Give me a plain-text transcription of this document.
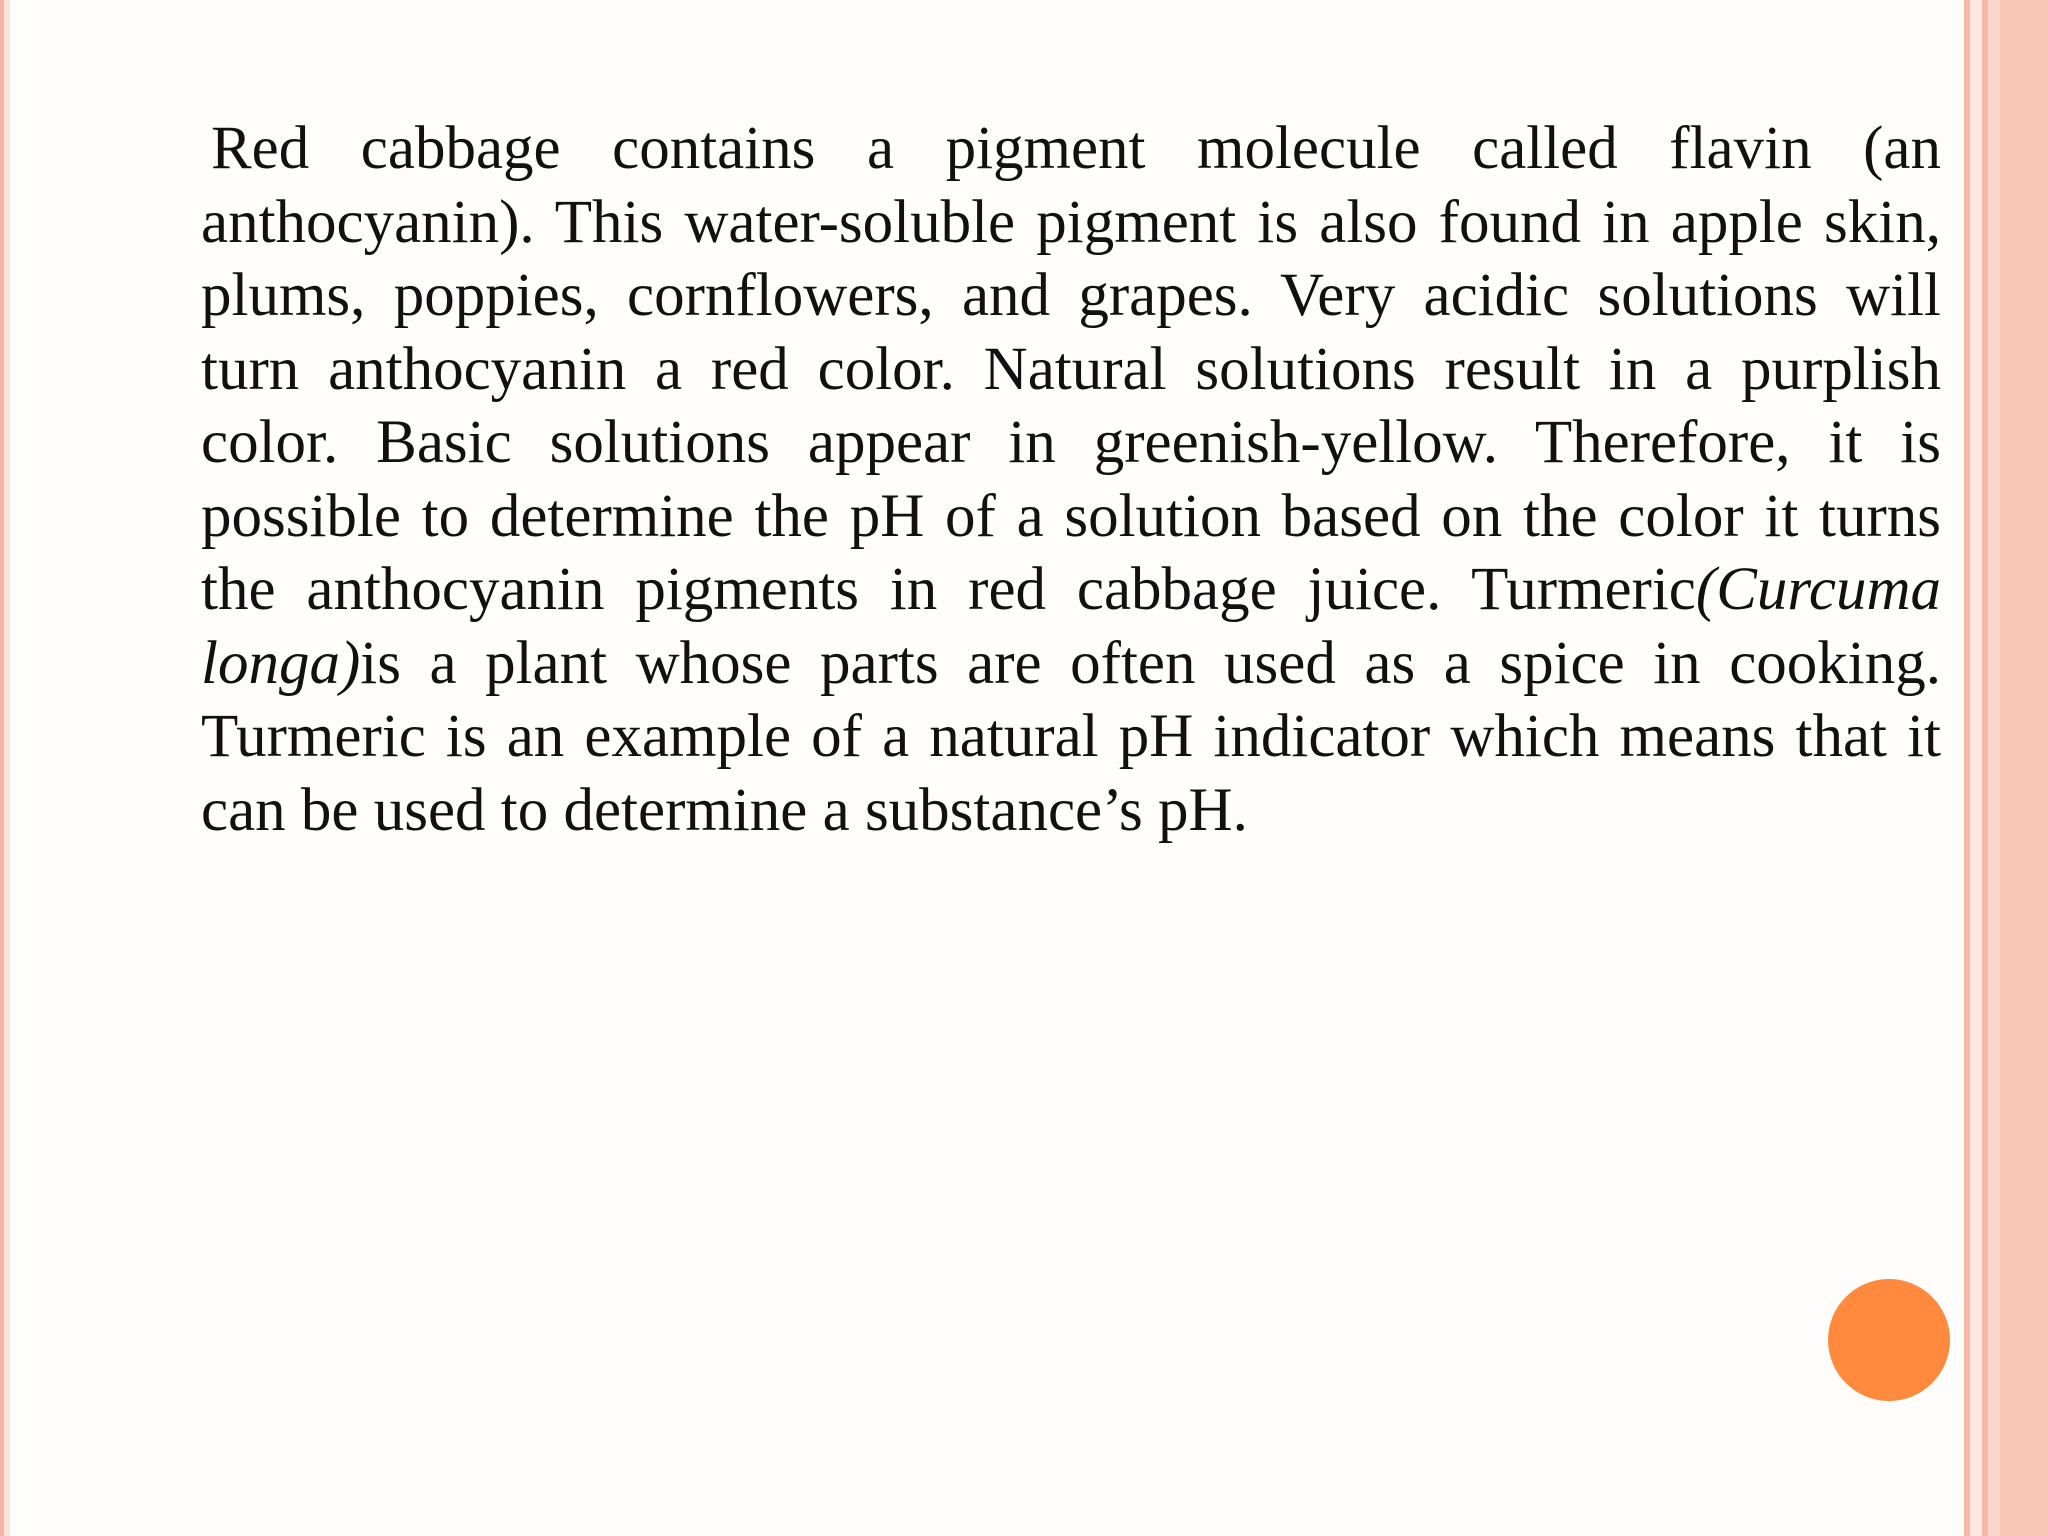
Red cabbage contains a pigment molecule called flavin (an anthocyanin). This water-soluble pigment is also found in apple skin, plums, poppies, cornflowers, and grapes. Very acidic solutions will turn anthocyanin a red color. Natural solutions result in a purplish color. Basic solutions appear in greenish-yellow. Therefore, it is possible to determine the pH of a solution based on the color it turns the anthocyanin pigments in red cabbage juice. Turmeric(Curcuma longa)is a plant whose parts are often used as a spice in cooking. Turmeric is an example of a natural pH indicator which means that it can be used to determine a substance’s pH.
